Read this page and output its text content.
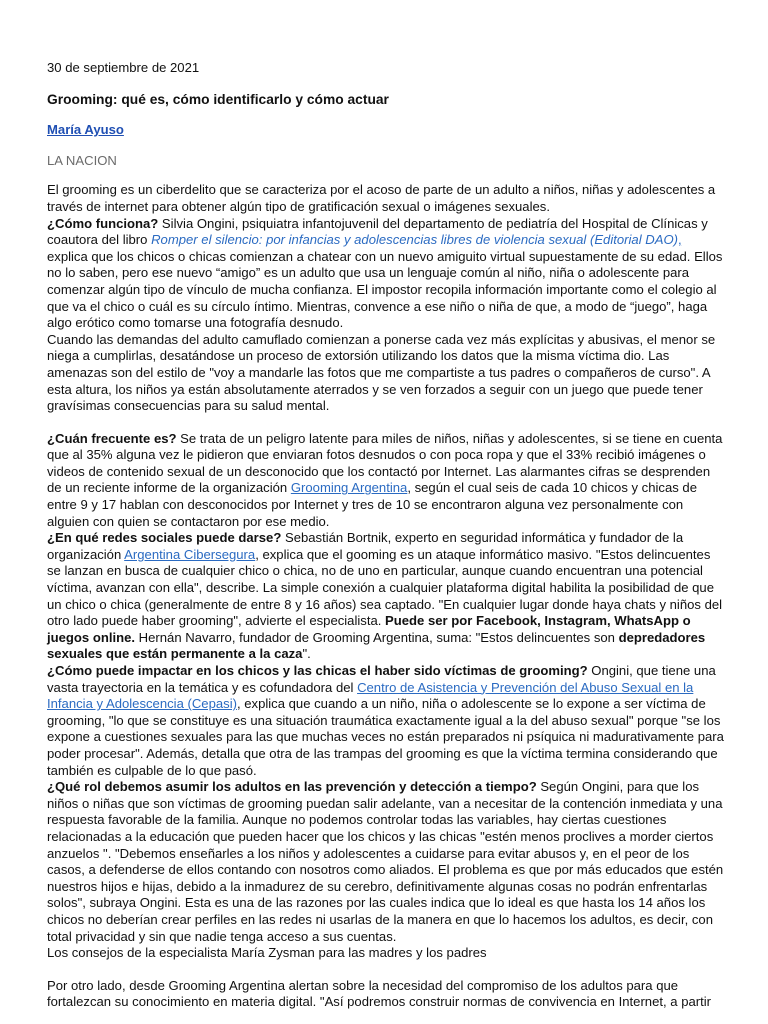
30 de septiembre de 2021

Grooming: qué es, cómo identificarlo y cómo actuar

María Ayuso

LA NACION

El grooming es un ciberdelito que se caracteriza por el acoso de parte de un adulto a niños, niñas y adolescentes a través de internet para obtener algún tipo de gratificación sexual o imágenes sexuales.

¿Cómo funciona? Silvia Ongini, psiquiatra infantojuvenil del departamento de pediatría del Hospital de Clínicas y coautora del libro Romper el silencio: por infancias y adolescencias libres de violencia sexual (Editorial DAO), explica que los chicos o chicas comienzan a chatear con un nuevo amiguito virtual supuestamente de su edad. Ellos no lo saben, pero ese nuevo “amigo” es un adulto que usa un lenguaje común al niño, niña o adolescente para comenzar algún tipo de vínculo de mucha confianza. El impostor recopila información importante como el colegio al que va el chico o cuál es su círculo íntimo. Mientras, convence a ese niño o niña de que, a modo de “juego”, haga algo erótico como tomarse una fotografía desnudo.

Cuando las demandas del adulto camuflado comienzan a ponerse cada vez más explícitas y abusivas, el menor se niega a cumplirlas, desatándose un proceso de extorsión utilizando los datos que la misma víctima dio. Las amenazas son del estilo de "voy a mandarle las fotos que me compartiste a tus padres o compañeros de curso". A esta altura, los niños ya están absolutamente aterrados y se ven forzados a seguir con un juego que puede tener gravísimas consecuencias para su salud mental.

¿Cuán frecuente es? Se trata de un peligro latente para miles de niños, niñas y adolescentes, si se tiene en cuenta que al 35% alguna vez le pidieron que enviaran fotos desnudos o con poca ropa y que el 33% recibió imágenes o videos de contenido sexual de un desconocido que los contactó por Internet. Las alarmantes cifras se desprenden de un reciente informe de la organización Grooming Argentina, según el cual seis de cada 10 chicos y chicas de entre 9 y 17 hablan con desconocidos por Internet y tres de 10 se encontraron alguna vez personalmente con alguien con quien se contactaron por ese medio.

¿En qué redes sociales puede darse? Sebastián Bortnik, experto en seguridad informática y fundador de la organización Argentina Cibersegura, explica que el gooming es un ataque informático masivo. "Estos delincuentes se lanzan en busca de cualquier chico o chica, no de uno en particular, aunque cuando encuentran una potencial víctima, avanzan con ella", describe. La simple conexión a cualquier plataforma digital habilita la posibilidad de que un chico o chica (generalmente de entre 8 y 16 años) sea captado. "En cualquier lugar donde haya chats y niños del otro lado puede haber grooming", advierte el especialista. Puede ser por Facebook, Instagram, WhatsApp o juegos online. Hernán Navarro, fundador de Grooming Argentina, suma: "Estos delincuentes son depredadores sexuales que están permanente a la caza".

¿Cómo puede impactar en los chicos y las chicas el haber sido víctimas de grooming? Ongini, que tiene una vasta trayectoria en la temática y es cofundadora del Centro de Asistencia y Prevención del Abuso Sexual en la Infancia y Adolescencia (Cepasi), explica que cuando a un niño, niña o adolescente se lo expone a ser víctima de grooming, "lo que se constituye es una situación traumática exactamente igual a la del abuso sexual" porque "se los expone a cuestiones sexuales para las que muchas veces no están preparados ni psíquica ni madurativamente para poder procesar". Además, detalla que otra de las trampas del grooming es que la víctima termina considerando que también es culpable de lo que pasó.

¿Qué rol debemos asumir los adultos en las prevención y detección a tiempo? Según Ongini, para que los niños o niñas que son víctimas de grooming puedan salir adelante, van a necesitar de la contención inmediata y una respuesta favorable de la familia. Aunque no podemos controlar todas las variables, hay ciertas cuestiones relacionadas a la educación que pueden hacer que los chicos y las chicas "estén menos proclives a morder ciertos anzuelos ". "Debemos enseñarles a los niños y adolescentes a cuidarse para evitar abusos y, en el peor de los casos, a defenderse de ellos contando con nosotros como aliados. El problema es que por más educados que estén nuestros hijos e hijas, debido a la inmadurez de su cerebro, definitivamente algunas cosas no podrán enfrentarlas solos", subraya Ongini. Esta es una de las razones por las cuales indica que lo ideal es que hasta los 14 años los chicos no deberían crear perfiles en las redes ni usarlas de la manera en que lo hacemos los adultos, es decir, con total privacidad y sin que nadie tenga acceso a sus cuentas.

Los consejos de la especialista María Zysman para las madres y los padres

Por otro lado, desde Grooming Argentina alertan sobre la necesidad del compromiso de los adultos para que fortalezcan su conocimiento en materia digital. "Así podremos construir normas de convivencia en Internet, a partir
